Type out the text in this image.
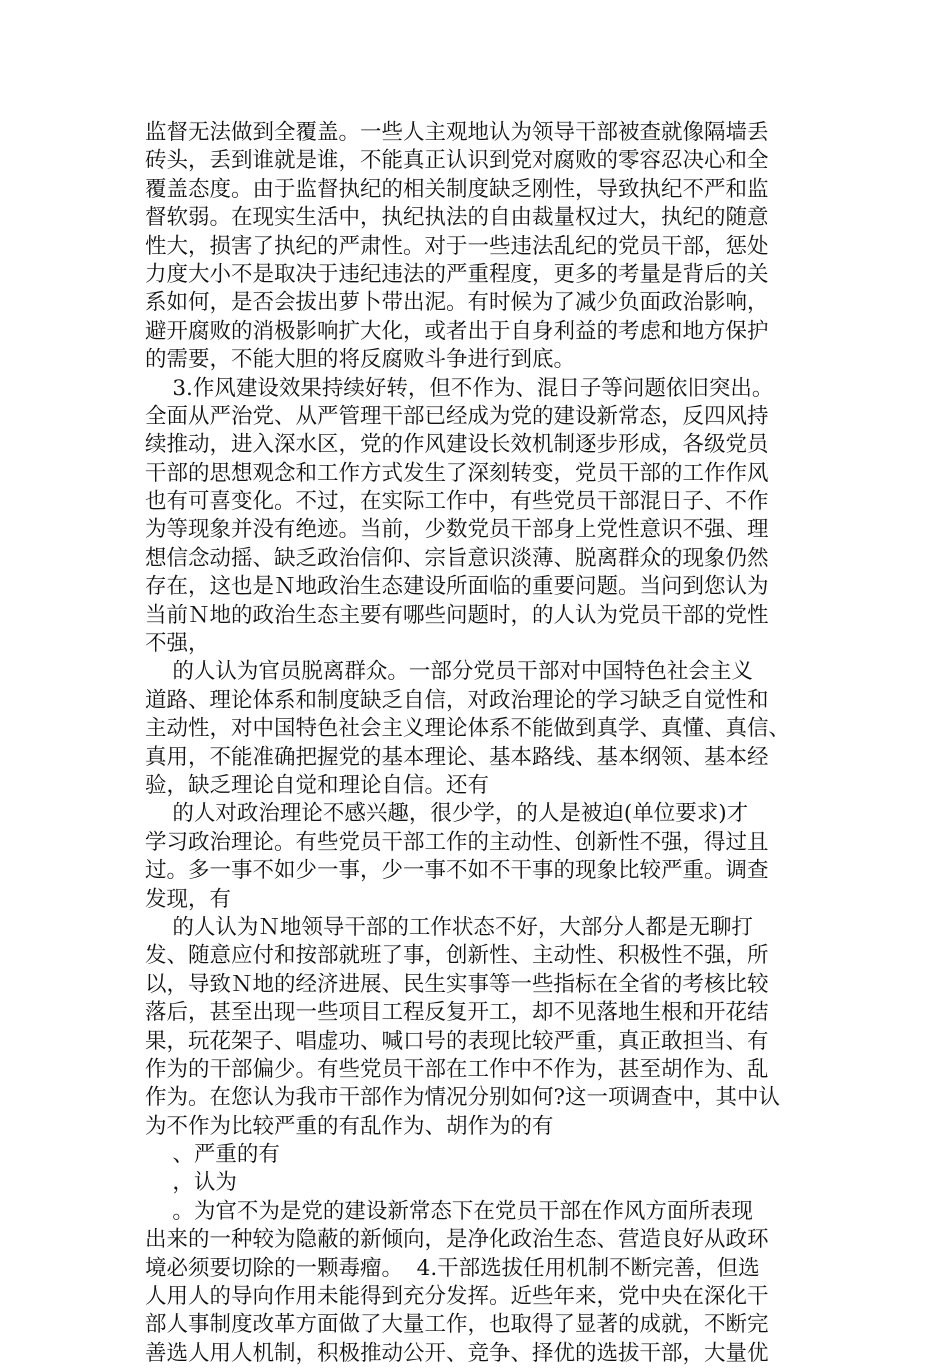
监督无法做到全覆盖。一些人主观地认为领导干部被查就像隔墙丢
砖头，丢到谁就是谁，不能真正认识到党对腐败的零容忍决心和全
覆盖态度。由于监督执纪的相关制度缺乏刚性，导致执纪不严和监
督软弱。在现实生活中，执纪执法的自由裁量权过大，执纪的随意
性大，损害了执纪的严肃性。对于一些违法乱纪的党员干部，惩处
力度大小不是取决于违纪违法的严重程度，更多的考量是背后的关
系如何，是否会拔出萝卜带出泥。有时候为了减少负面政治影响，
避开腐败的消极影响扩大化，或者出于自身利益的考虑和地方保护
的需要，不能大胆的将反腐败斗争进行到底。
3.作风建设效果持续好转，但不作为、混日子等问题依旧突出。
全面从严治党、从严管理干部已经成为党的建设新常态，反四风持
续推动，进入深水区，党的作风建设长效机制逐步形成，各级党员
干部的思想观念和工作方式发生了深刻转变，党员干部的工作作风
也有可喜变化。不过，在实际工作中，有些党员干部混日子、不作
为等现象并没有绝迹。当前，少数党员干部身上党性意识不强、理
想信念动摇、缺乏政治信仰、宗旨意识淡薄、脱离群众的现象仍然
存在，这也是Ｎ地政治生态建设所面临的重要问题。当问到您认为
当前Ｎ地的政治生态主要有哪些问题时，的人认为党员干部的党性
不强，
的人认为官员脱离群众。一部分党员干部对中国特色社会主义
道路、理论体系和制度缺乏自信，对政治理论的学习缺乏自觉性和
主动性，对中国特色社会主义理论体系不能做到真学、真懂、真信、
真用，不能准确把握党的基本理论、基本路线、基本纲领、基本经
验，缺乏理论自觉和理论自信。还有
的人对政治理论不感兴趣，很少学，的人是被迫(单位要求)才
学习政治理论。有些党员干部工作的主动性、创新性不强，得过且
过。多一事不如少一事，少一事不如不干事的现象比较严重。调查
发现，有
的人认为Ｎ地领导干部的工作状态不好，大部分人都是无聊打
发、随意应付和按部就班了事，创新性、主动性、积极性不强，所
以，导致Ｎ地的经济进展、民生实事等一些指标在全省的考核比较
落后，甚至出现一些项目工程反复开工，却不见落地生根和开花结
果，玩花架子、唱虚功、喊口号的表现比较严重，真正敢担当、有
作为的干部偏少。有些党员干部在工作中不作为，甚至胡作为、乱
作为。在您认为我市干部作为情况分别如何?这一项调查中，其中认
为不作为比较严重的有乱作为、胡作为的有
、严重的有
，认为
。为官不为是党的建设新常态下在党员干部在作风方面所表现
出来的一种较为隐蔽的新倾向，是净化政治生态、营造良好从政环
境必须要切除的一颗毒瘤。  4.干部选拔任用机制不断完善，但选
人用人的导向作用未能得到充分发挥。近些年来，党中央在深化干
部人事制度改革方面做了大量工作，也取得了显著的成就，不断完
善选人用人机制，积极推动公开、竞争、择优的选拔干部，大量优
